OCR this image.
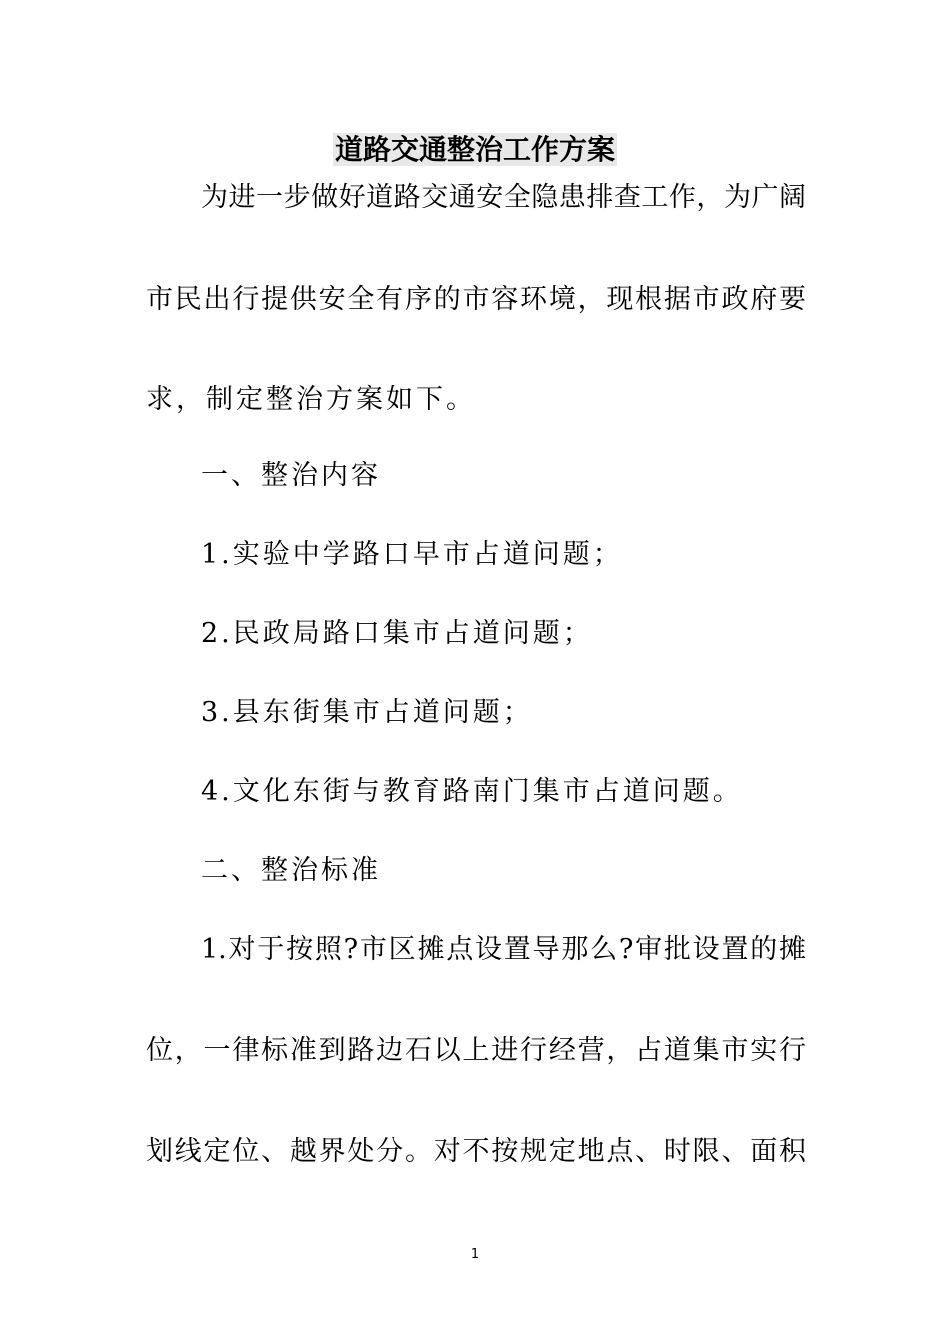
道路交通整治工作方案
为进一步做好道路交通安全隐患排查工作，为广阔
市民出行提供安全有序的市容环境，现根据市政府要
求，制定整治方案如下。
一、整治内容
1.实验中学路口早市占道问题；
2.民政局路口集市占道问题；
3.县东街集市占道问题；
4.文化东街与教育路南门集市占道问题。
二、整治标准
1.对于按照?市区摊点设置导那么?审批设置的摊
位，一律标准到路边石以上进行经营，占道集市实行
划线定位、越界处分。对不按规定地点、时限、面积
1
